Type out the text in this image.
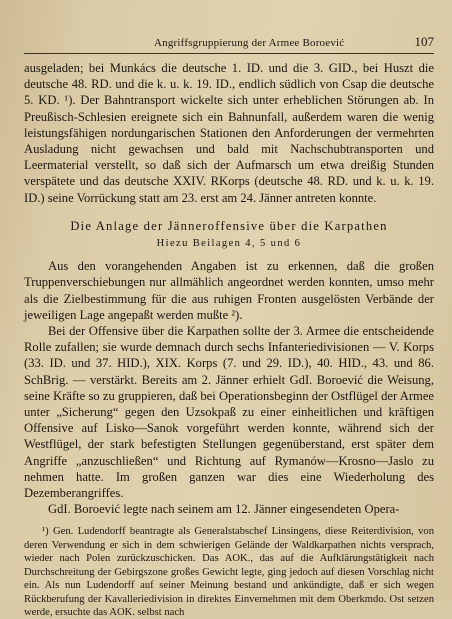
Angriffsgruppierung der Armee Boroević	107

ausgeladen; bei Munkács die deutsche 1. ID. und die 3. GID., bei Huszt die deutsche 48. RD. und die k. u. k. 19. ID., endlich südlich von Csap die deutsche 5. KD. ¹). Der Bahntransport wickelte sich unter erheblichen Störungen ab. In Preußisch-Schlesien ereignete sich ein Bahnunfall, außerdem waren die wenig leistungsfähigen nordungarischen Stationen den Anforderungen der vermehrten Ausladung nicht gewachsen und bald mit Nachschubtransporten und Leermaterial verstellt, so daß sich der Aufmarsch um etwa dreißig Stunden verspätete und das deutsche XXIV. RKorps (deutsche 48. RD. und k. u. k. 19. ID.) seine Vorrückung statt am 23. erst am 24. Jänner antreten konnte.

Die Anlage der Jänneroffensive über die Karpathen
Hiezu Beilagen 4, 5 und 6

Aus den vorangehenden Angaben ist zu erkennen, daß die großen Truppenverschiebungen nur allmählich angeordnet werden konnten, umso mehr als die Zielbestimmung für die aus ruhigen Fronten ausgelösten Verbände der jeweiligen Lage angepaßt werden mußte ²).

Bei der Offensive über die Karpathen sollte der 3. Armee die entscheidende Rolle zufallen; sie wurde demnach durch sechs Infanteriedivisionen — V. Korps (33. ID. und 37. HID.), XIX. Korps (7. und 29. ID.), 40. HID., 43. und 86. SchBrig. — verstärkt. Bereits am 2. Jänner erhielt GdI. Boroević die Weisung, seine Kräfte so zu gruppieren, daß bei Operationsbeginn der Ostflügel der Armee unter „Sicherung“ gegen den Uzsokpaß zu einer einheitlichen und kräftigen Offensive auf Lisko—Sanok vorgeführt werden konnte, während sich der Westflügel, der stark befestigten Stellungen gegenüberstand, erst später dem Angriffe „anzuschließen“ und Richtung auf Rymanów—Krosno—Jaslo zu nehmen hatte. Im großen ganzen war dies eine Wiederholung des Dezemberangriffes.

GdI. Boroević legte nach seinem am 12. Jänner eingesendeten Opera-

¹) Gen. Ludendorff beantragte als Generalstabschef Linsingens, diese Reiterdivision, von deren Verwendung er sich in dem schwierigen Gelände der Waldkarpathen nichts versprach, wieder nach Polen zurückzuschicken. Das AOK., das auf die Aufklärungstätigkeit nach Durchschreitung der Gebirgszone großes Gewicht legte, ging jedoch auf diesen Vorschlag nicht ein. Als nun Ludendorff auf seiner Meinung bestand und ankündigte, daß er sich wegen Rückberufung der Kavalleriedivision in direktes Einvernehmen mit dem Oberkmdo. Ost setzen werde, ersuchte das AOK. selbst nach
